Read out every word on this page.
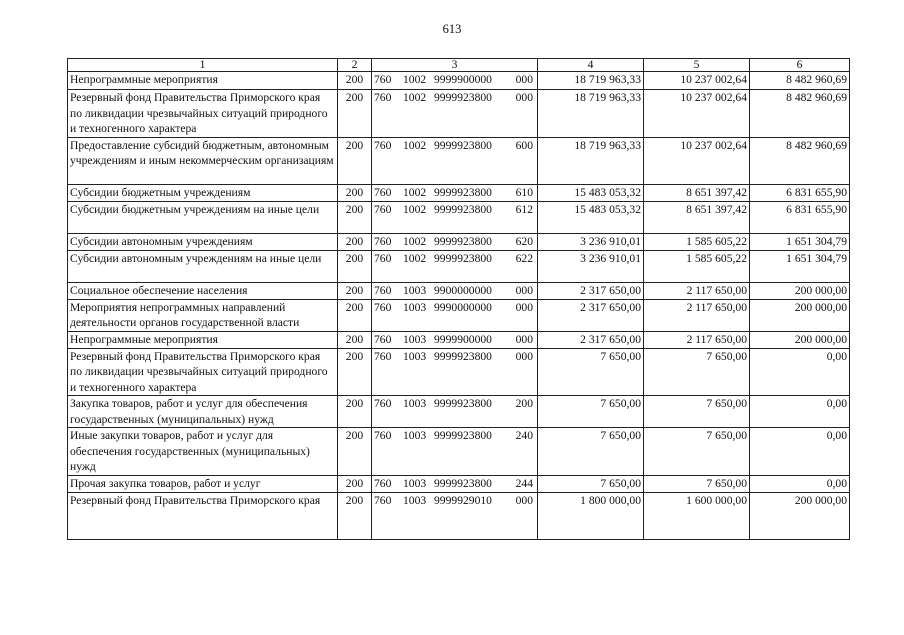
613
1	2	3	4	5	6
Непрограммные мероприятия	200	760 1002 9999900000 000	18 719 963,33	10 237 002,64	8 482 960,69
Резервный фонд Правительства Приморского края по ликвидации чрезвычайных ситуаций природного и техногенного характера	200	760 1002 9999923800 000	18 719 963,33	10 237 002,64	8 482 960,69
Предоставление субсидий бюджетным, автономным учреждениям и иным некоммерческим организациям	200	760 1002 9999923800 600	18 719 963,33	10 237 002,64	8 482 960,69
Субсидии бюджетным учреждениям	200	760 1002 9999923800 610	15 483 053,32	8 651 397,42	6 831 655,90
Субсидии бюджетным учреждениям на иные цели	200	760 1002 9999923800 612	15 483 053,32	8 651 397,42	6 831 655,90
Субсидии автономным учреждениям	200	760 1002 9999923800 620	3 236 910,01	1 585 605,22	1 651 304,79
Субсидии автономным учреждениям на иные цели	200	760 1002 9999923800 622	3 236 910,01	1 585 605,22	1 651 304,79
Социальное обеспечение населения	200	760 1003 9900000000 000	2 317 650,00	2 117 650,00	200 000,00
Мероприятия непрограммных направлений деятельности органов государственной власти	200	760 1003 9990000000 000	2 317 650,00	2 117 650,00	200 000,00
Непрограммные мероприятия	200	760 1003 9999900000 000	2 317 650,00	2 117 650,00	200 000,00
Резервный фонд Правительства Приморского края по ликвидации чрезвычайных ситуаций природного и техногенного характера	200	760 1003 9999923800 000	7 650,00	7 650,00	0,00
Закупка товаров, работ и услуг для обеспечения государственных (муниципальных) нужд	200	760 1003 9999923800 200	7 650,00	7 650,00	0,00
Иные закупки товаров, работ и услуг для обеспечения государственных (муниципальных) нужд	200	760 1003 9999923800 240	7 650,00	7 650,00	0,00
Прочая закупка товаров, работ и услуг	200	760 1003 9999923800 244	7 650,00	7 650,00	0,00
Резервный фонд Правительства Приморского края	200	760 1003 9999929010 000	1 800 000,00	1 600 000,00	200 000,00
